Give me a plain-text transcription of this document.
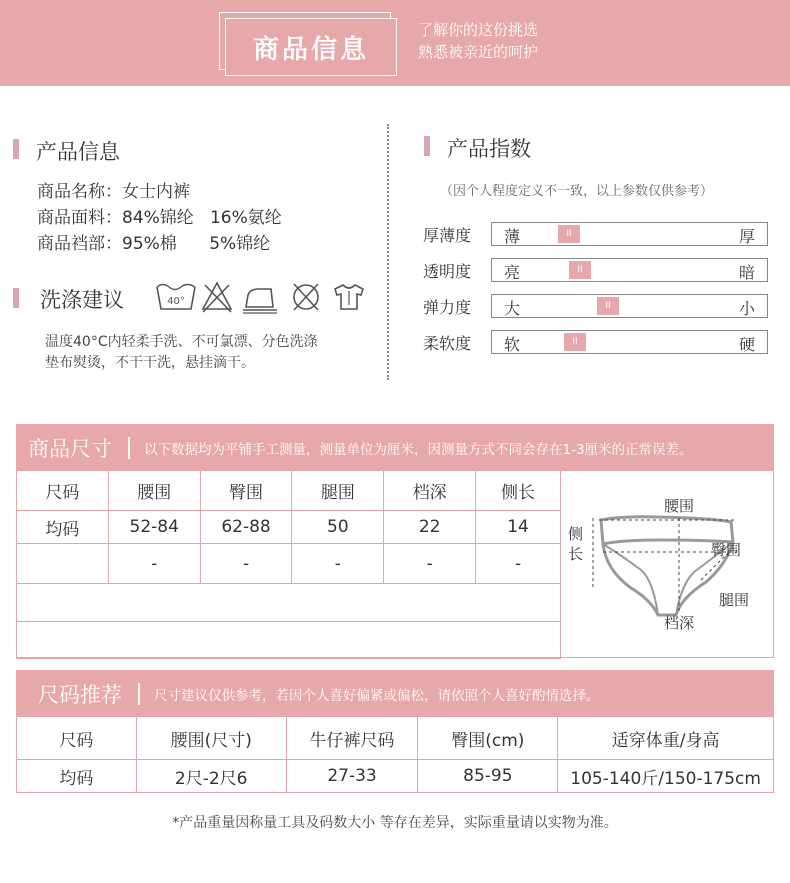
商品信息
了解你的这份挑选
熟悉被亲近的呵护
产品信息
商品名称：女士内裤
商品面料：84%锦纶   16%氨纶
商品裆部：95%棉      5%锦纶
洗涤建议	40°
温度40°C内轻柔手洗、不可氯漂、分色洗涤
垫布熨烫，不干干洗，悬挂滴干。
产品指数
（因个人程度定义不一致，以上参数仅供参考）
厚薄度 薄	厚
II
透明度 亮	暗
II
弹力度 大	小
II
柔软度 软	硬
II
商品尺寸 以下数据均为平铺手工测量，测量单位为厘米，因测量方式不同会存在1-3厘米的正常误差。
尺码	腰围	臀围	腿围	档深	侧长
均码	52-84	62-88	50	22	14
	-	-	-	-	-

腰围
臀围
腿围
档深
侧长
尺码推荐 尺寸建议仅供参考，若因个人喜好偏紧或偏松，请依照个人喜好酌情选择。
尺码	腰围(尺寸)	牛仔裤尺码	臀围(cm)	适穿体重/身高
均码	2尺-2尺6	27-33	85-95	105-140斤/150-175cm
*产品重量因称量工具及码数大小 等存在差异，实际重量请以实物为准。
